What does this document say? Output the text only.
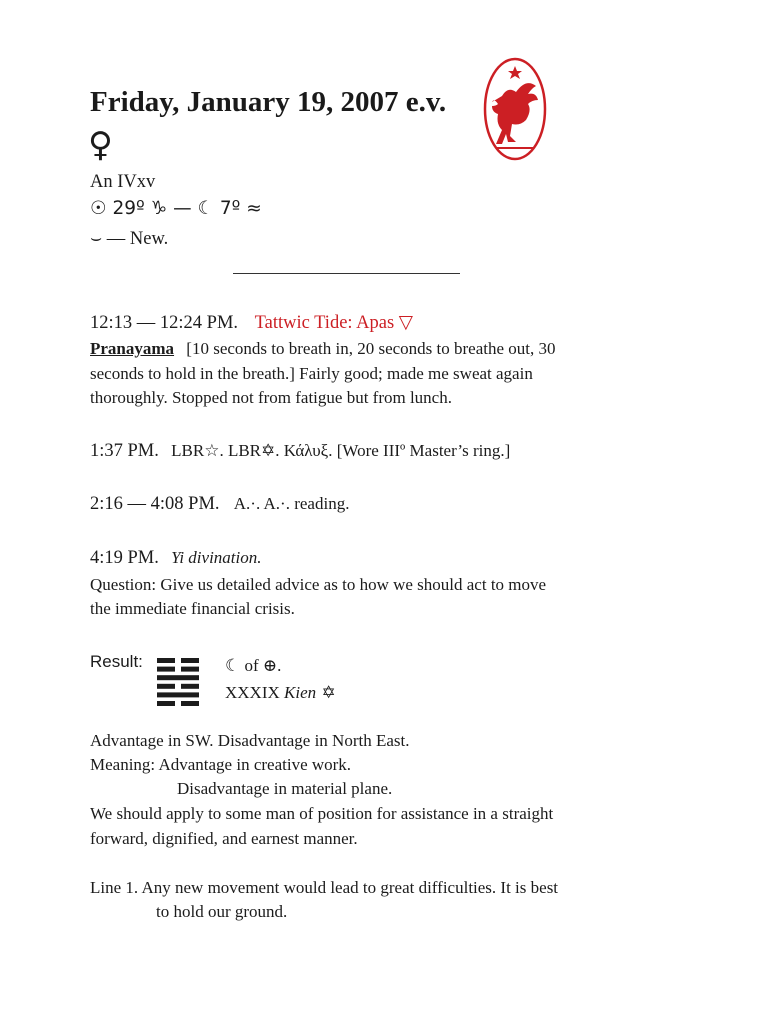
Friday, January 19, 2007 e.v.
♀
An IVxv
☉ 29º ♑ — ☾ 7º ≈
⌣ — New.
12:13 — 12:24 PM. Tattwic Tide: Apas ▽
Pranayama [10 seconds to breath in, 20 seconds to breathe out, 30
seconds to hold in the breath.] Fairly good; made me sweat again
thoroughly. Stopped not from fatigue but from lunch.
1:37 PM. LBR☆. LBR✡. Κάλυξ. [Wore IIIº Master’s ring.]
2:16 — 4:08 PM. A.·. A.·. reading.
4:19 PM. Yi divination.
Question: Give us detailed advice as to how we should act to move
the immediate financial crisis.
Result:	☾ of ⊕.
XXXIX Kien ✡
Advantage in SW. Disadvantage in North East.
Meaning: Advantage in creative work.
Disadvantage in material plane.
We should apply to some man of position for assistance in a straight
forward, dignified, and earnest manner.
Line 1. Any new movement would lead to great difficulties. It is best
to hold our ground.
